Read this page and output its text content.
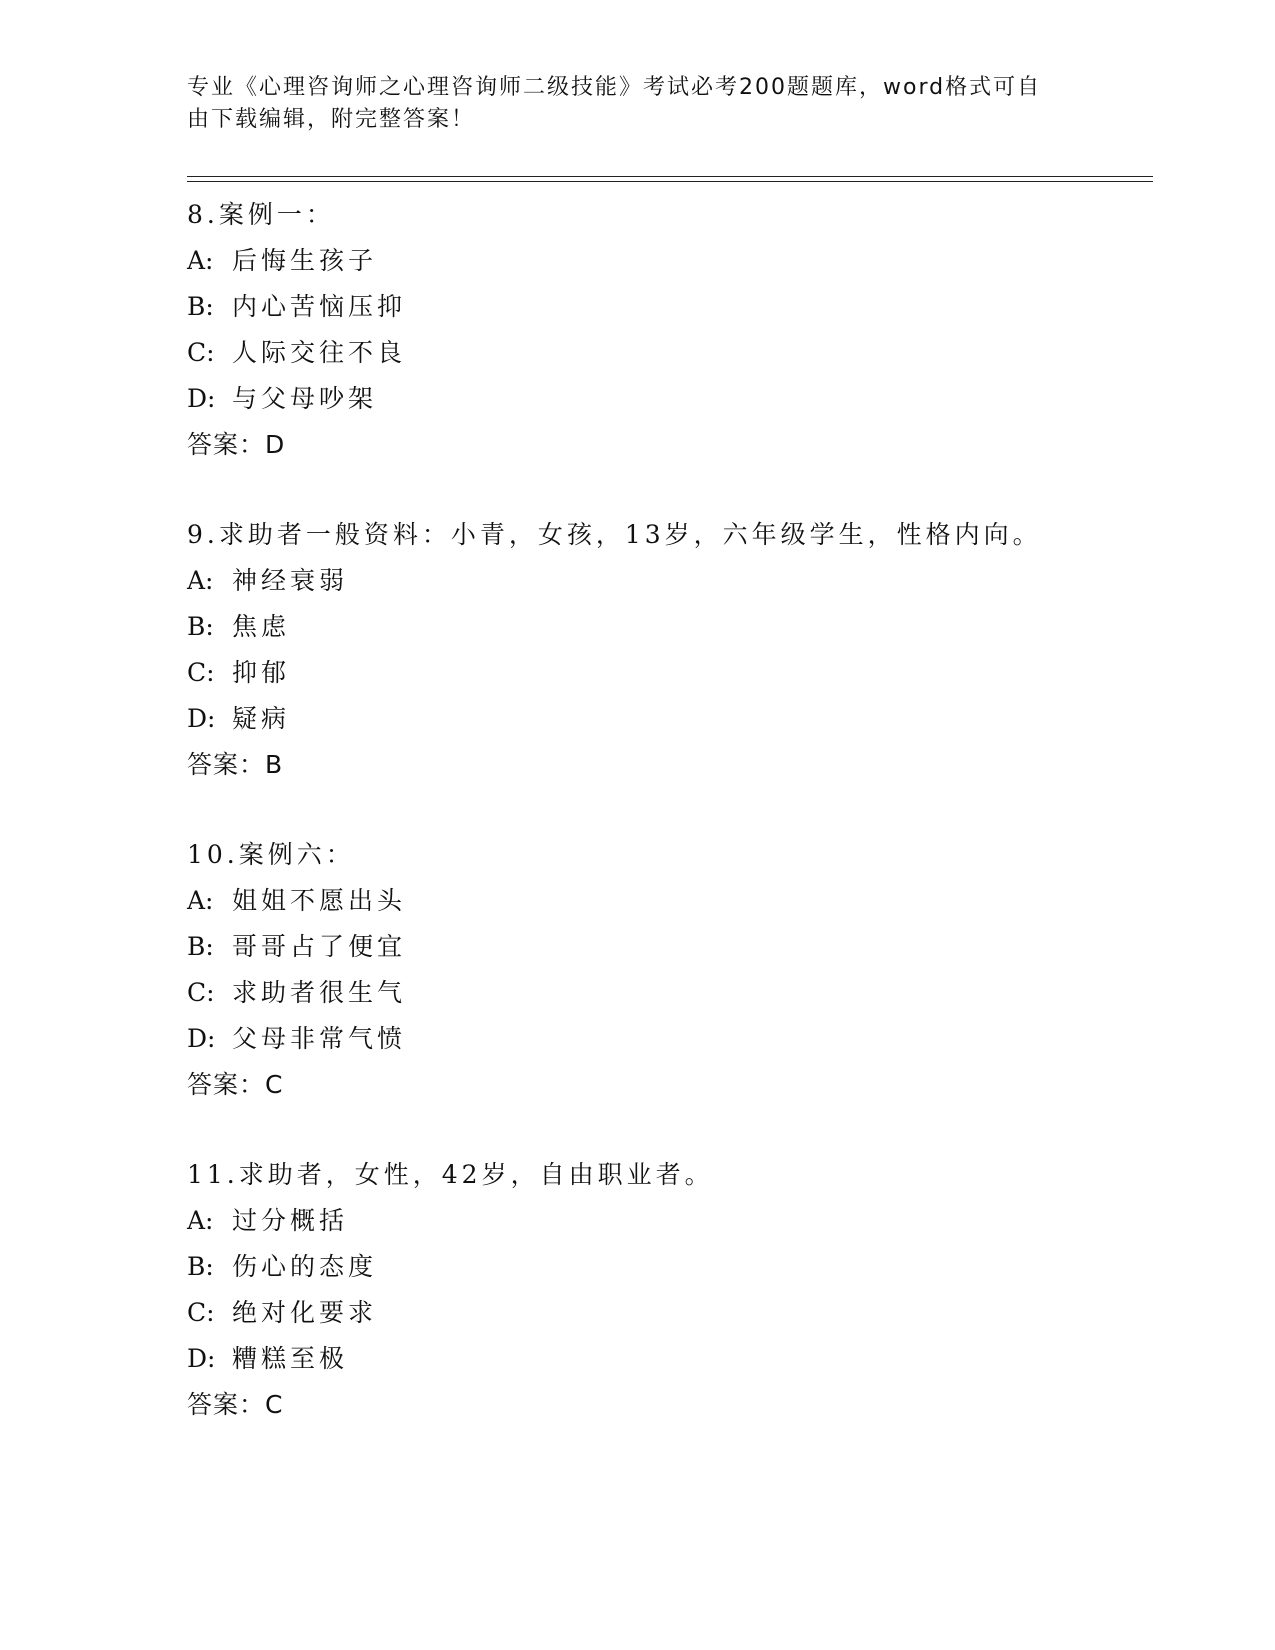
专业《心理咨询师之心理咨询师二级技能》考试必考200题题库，word格式可自
由下载编辑，附完整答案！
8.案例一：
A: 后悔生孩子
B: 内心苦恼压抑
C: 人际交往不良
D: 与父母吵架
答案：D
9.求助者一般资料：小青，女孩，13岁，六年级学生，性格内向。
A: 神经衰弱
B: 焦虑
C: 抑郁
D: 疑病
答案：B
10.案例六：
A: 姐姐不愿出头
B: 哥哥占了便宜
C: 求助者很生气
D: 父母非常气愤
答案：C
11.求助者，女性，42岁，自由职业者。
A: 过分概括
B: 伤心的态度
C: 绝对化要求
D: 糟糕至极
答案：C
